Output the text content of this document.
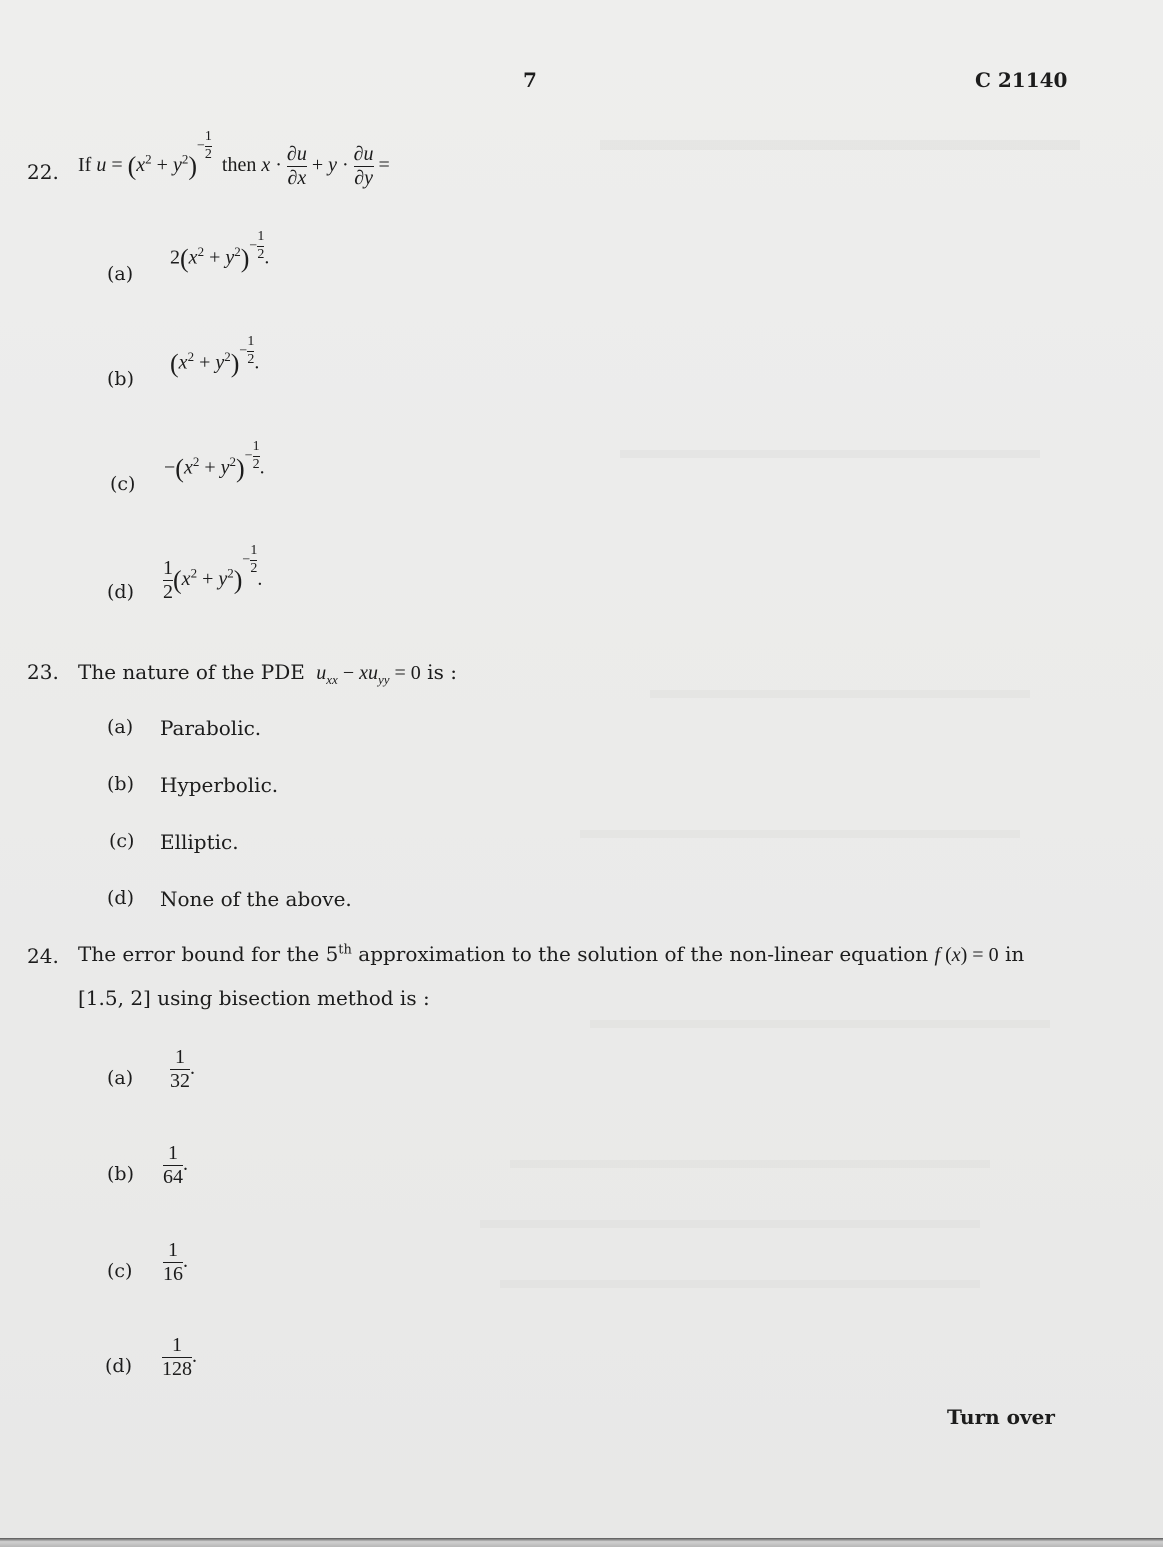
7	C 21140
22. If $u = (x^2 + y^2)- \frac{1}{2}$
then $x \cdot \frac{\partial u}{\partial x} + y \cdot \frac{\partial u}{\partial y}$ =
(a)
$2(x^2 + y^2)- \frac{1}{2}$ .
(b)
$(x^2 + y^2)- \frac{1}{2}$ .
(c)
$-(x^2 + y^2)- \frac{1}{2}$ .
$(d) \frac{1}{2} (x^2 + y^2)- \frac{1}{2}$
.
23. The nature of the PDE $u_{xx} - xu_{yy} = 0$ is :
(a) Parabolic.
(b) Hyperbolic.
(c) Elliptic.
(d) None of the above.
24. The error bound for the 5th approximation to the solution of the non-linear equation f (x) = 0 in
[1.5, 2] using bisection method is :
$(a) \frac{1}{32}$ .
$(b) \frac{1}{64}$ .
$(c) \frac{1}{16}$ .
$(d) \frac{1}{128}$ .
Turn over
